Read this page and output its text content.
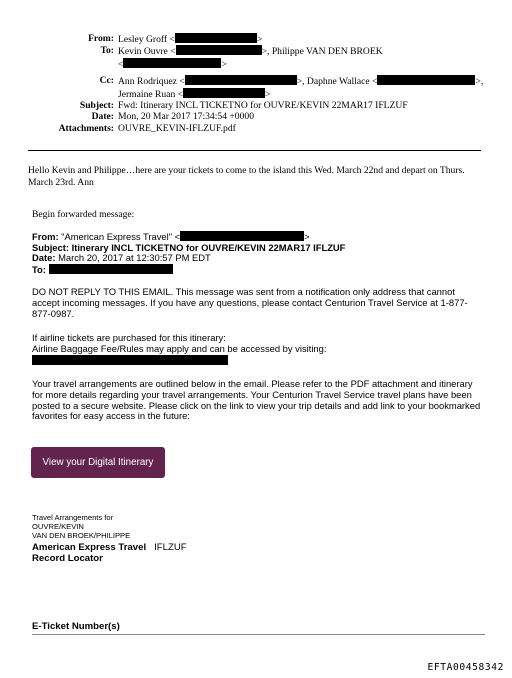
From: Lesley Groff <	>
To: Kevin Ouvre <	>, Philippe VAN DEN BROEK
<	>
Cc: Ann Rodriquez <	>, Daphne Wallace <	>,
Jermaine Ruan <	>
Subject: Fwd: Itinerary INCL TICKETNO for OUVRE/KEVIN 22MAR17 IFLZUF
Date: Mon, 20 Mar 2017 17:34:54 +0000
Attachments: OUVRE_KEVIN-IFLZUF.pdf
Hello Kevin and Philippe…here are your tickets to come to the island this Wed. March 22nd and depart on Thurs. March 23rd. Ann
Begin forwarded message:
From: "American Express Travel" <	>
Subject: Itinerary INCL TICKETNO for OUVRE/KEVIN 22MAR17 IFLZUF
Date: March 20, 2017 at 12:30:57 PM EDT
To:
DO NOT REPLY TO THIS EMAIL. This message was sent from a notification only address that cannot accept incoming messages. If you have any questions, please contact Centurion Travel Service at 1-877-877-0987.
If airline tickets are purchased for this itinerary:
Airline Baggage Fee/Rules may apply and can be accessed by visiting:
Your travel arrangements are outlined below in the email. Please refer to the PDF attachment and itinerary for more details regarding your travel arrangements. Your Centurion Travel Service travel plans have been posted to a secure website. Please click on the link to view your trip details and add link to your bookmarked favorites for easy access in the future:
View your Digital Itinerary
Travel Arrangements for
OUVRE/KEVIN
VAN DEN BROEK/PHILIPPE
American Express Travel IFLZUF
Record Locator
E-Ticket Number(s)
EFTA00458342
